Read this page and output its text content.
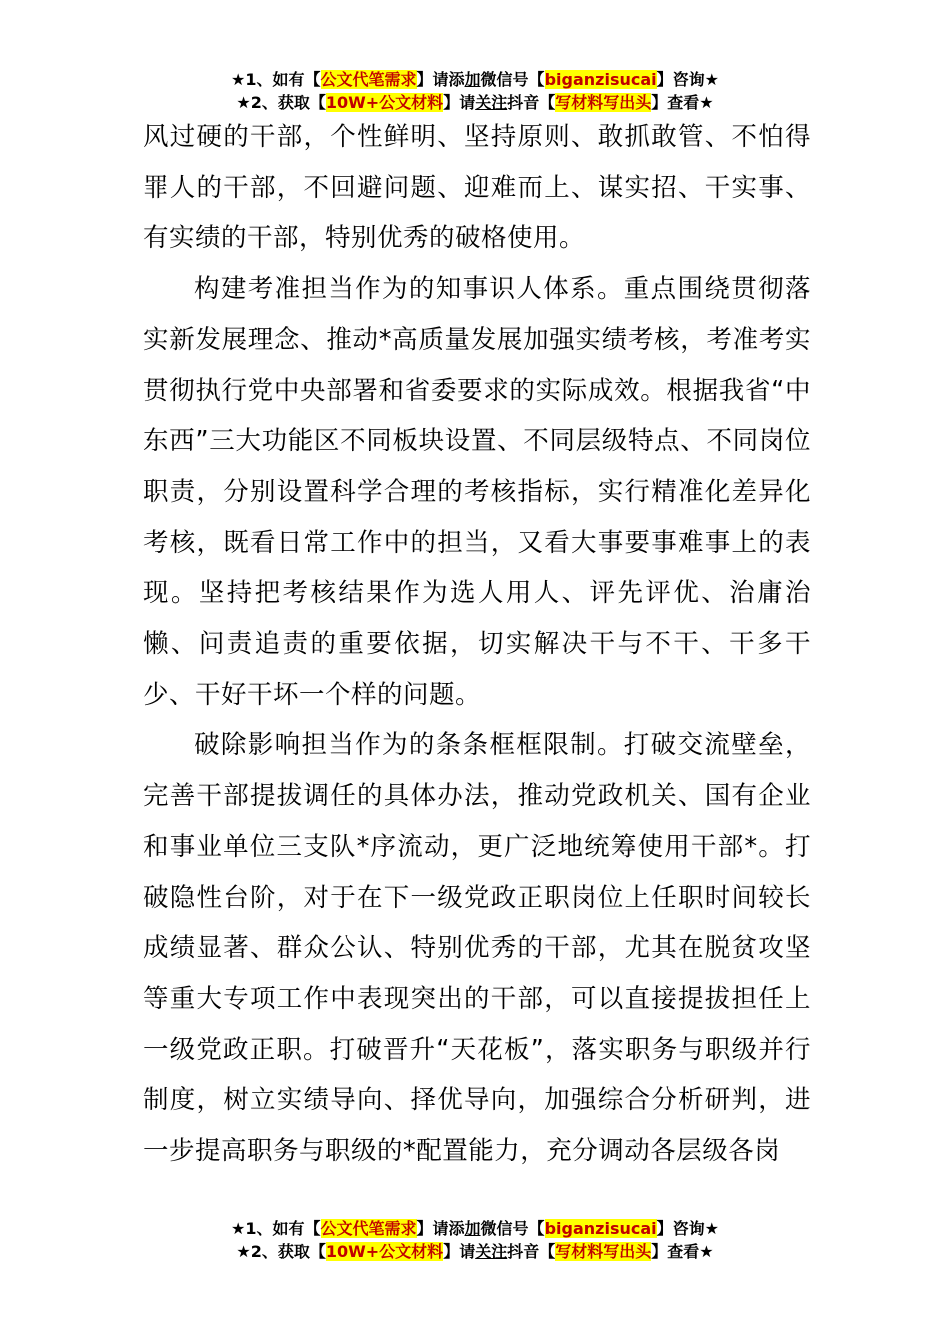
★1、如有【公文代笔需求】请添加微信号【biganzisucai】咨询★
★2、获取【10W+公文材料】请关注抖音【写材料写出头】查看★

风过硬的干部，个性鲜明、坚持原则、敢抓敢管、不怕得罪人的干部，不回避问题、迎难而上、谋实招、干实事、有实绩的干部，特别优秀的破格使用。

构建考准担当作为的知事识人体系。重点围绕贯彻落实新发展理念、推动*高质量发展加强实绩考核，考准考实贯彻执行党中央部署和省委要求的实际成效。根据我省“中东西”三大功能区不同板块设置、不同层级特点、不同岗位职责，分别设置科学合理的考核指标，实行精准化差异化考核，既看日常工作中的担当，又看大事要事难事上的表现。坚持把考核结果作为选人用人、评先评优、治庸治懒、问责追责的重要依据，切实解决干与不干、干多干少、干好干坏一个样的问题。

破除影响担当作为的条条框框限制。打破交流壁垒，完善干部提拔调任的具体办法，推动党政机关、国有企业和事业单位三支队*序流动，更广泛地统筹使用干部*。打破隐性台阶，对于在下一级党政正职岗位上任职时间较长成绩显著、群众公认、特别优秀的干部，尤其在脱贫攻坚等重大专项工作中表现突出的干部，可以直接提拔担任上一级党政正职。打破晋升“天花板”，落实职务与职级并行制度，树立实绩导向、择优导向，加强综合分析研判，进一步提高职务与职级的*配置能力，充分调动各层级各岗

★1、如有【公文代笔需求】请添加微信号【biganzisucai】咨询★
★2、获取【10W+公文材料】请关注抖音【写材料写出头】查看★
